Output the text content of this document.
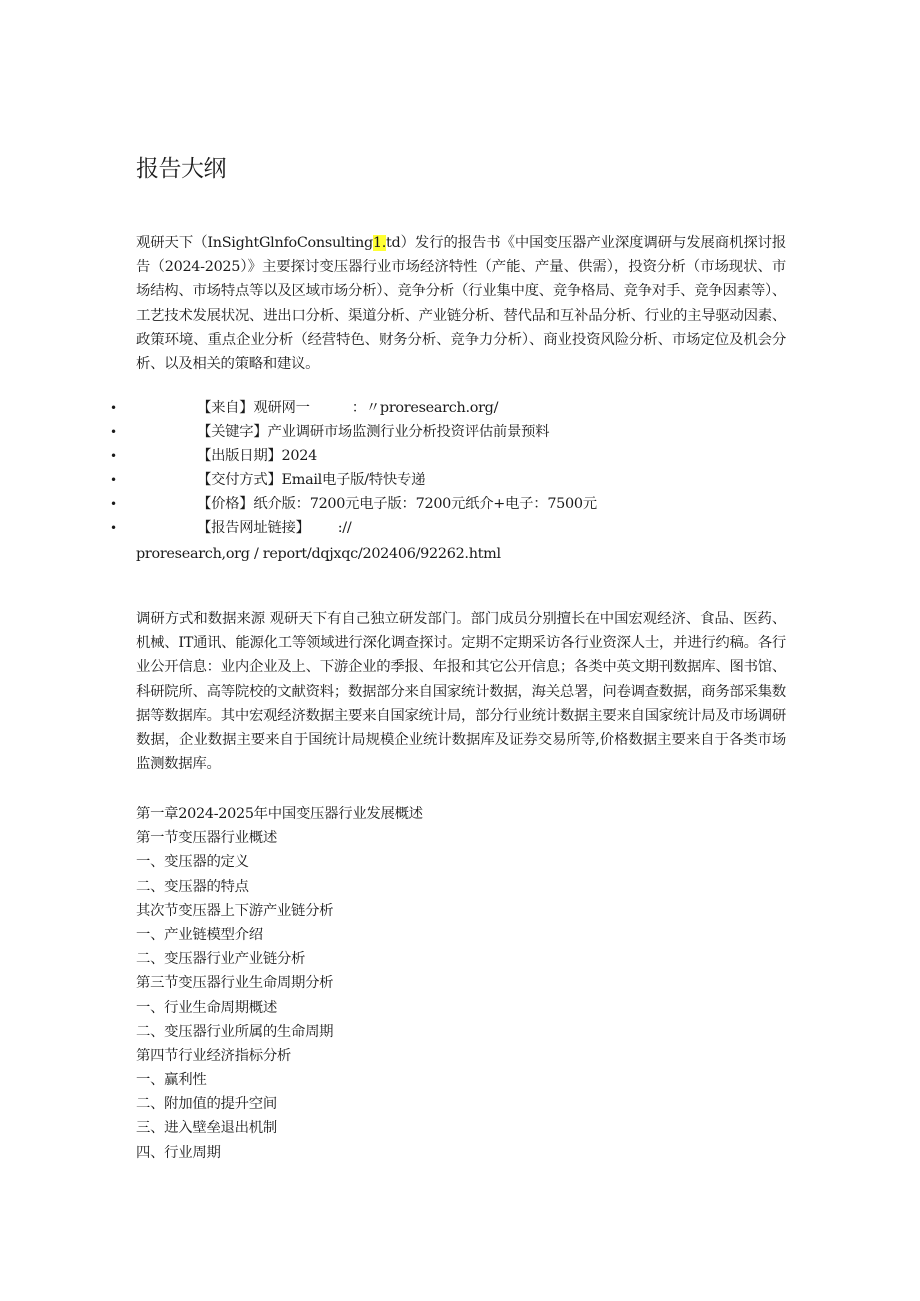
报告大纲

观研天下（InSightGlnfoConsulting1.td）发行的报告书《中国变压器产业深度调研与发展商机探讨报告（2024-2025）》主要探讨变压器行业市场经济特性（产能、产量、供需），投资分析（市场现状、市场结构、市场特点等以及区域市场分析）、竞争分析（行业集中度、竞争格局、竞争对手、竞争因素等）、工艺技术发展状况、进出口分析、渠道分析、产业链分析、替代品和互补品分析、行业的主导驱动因素、政策环境、重点企业分析（经营特色、财务分析、竞争力分析）、商业投资风险分析、市场定位及机会分析、以及相关的策略和建议。

•	【来自】观研网一	：〃proresearch.org/
•	【关键字】产业调研市场监测行业分析投资评估前景预料
•	【出版日期】2024
•	【交付方式】Email电子版/特快专递
•	【价格】纸介版：7200元电子版：7200元纸介+电子：7500元
•	【报告网址链接】 ://
proresearch,org / report/dqjxqc/202406/92262.html

调研方式和数据来源 观研天下有自己独立研发部门。部门成员分别擅长在中国宏观经济、食品、医药、机械、IT通讯、能源化工等领域进行深化调查探讨。定期不定期采访各行业资深人士，并进行约稿。各行业公开信息：业内企业及上、下游企业的季报、年报和其它公开信息；各类中英文期刊数据库、图书馆、科研院所、高等院校的文献资料；数据部分来自国家统计数据，海关总署，问卷调查数据，商务部采集数据等数据库。其中宏观经济数据主要来自国家统计局，部分行业统计数据主要来自国家统计局及市场调研数据，企业数据主要来自于国统计局规模企业统计数据库及证券交易所等,价格数据主要来自于各类市场监测数据库。

第一章2024-2025年中国变压器行业发展概述
第一节变压器行业概述
一、变压器的定义
二、变压器的特点
其次节变压器上下游产业链分析
一、产业链模型介绍
二、变压器行业产业链分析
第三节变压器行业生命周期分析
一、行业生命周期概述
二、变压器行业所属的生命周期
第四节行业经济指标分析
一、赢利性
二、附加值的提升空间
三、进入壁垒退出机制
四、行业周期
